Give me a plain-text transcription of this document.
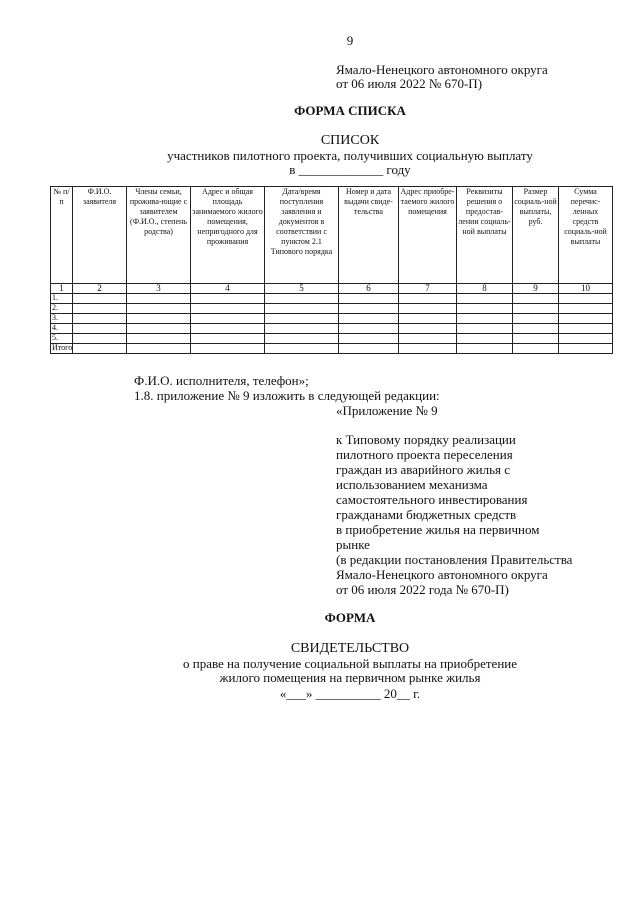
9
Ямало-Ненецкого автономного округа
от 06 июля 2022 № 670-П)
ФОРМА СПИСКА
СПИСОК
участников пилотного проекта, получивших социальную выплату
в _____________ году
№ п/п	Ф.И.О. заявителя	Члены семьи, прожива-ющие с заявителем (Ф.И.О., степень родства)	Адрес и общая площадь занимаемого жилого помещения, непригодного для проживания	Дата/время поступления заявления и документов в соответствии с пунктом 2.1 Типового порядка	Номер и дата выдачи свиде-тельства	Адрес приобре-таемого жилого помещения	Реквизиты решения о предостав-лении социаль-ной выплаты	Размер социаль-ной выплаты, руб.	Сумма перечис-ленных средств социаль-ной выплаты
1	2	3	4	5	6	7	8	9	10
1.									
2.									
3.									
4.									
5.									
Итого									
Ф.И.О. исполнителя, телефон»;
1.8. приложение № 9 изложить в следующей редакции:
«Приложение № 9
к Типовому порядку реализации
пилотного проекта переселения
граждан из аварийного жилья с
использованием механизма
самостоятельного инвестирования
гражданами бюджетных средств
в приобретение жилья на первичном
рынке
(в редакции постановления Правительства
Ямало-Ненецкого автономного округа
от 06 июля 2022 года № 670-П)
ФОРМА
СВИДЕТЕЛЬСТВО
о праве на получение социальной выплаты на приобретение
жилого помещения на первичном рынке жилья
«___» __________ 20__ г.
